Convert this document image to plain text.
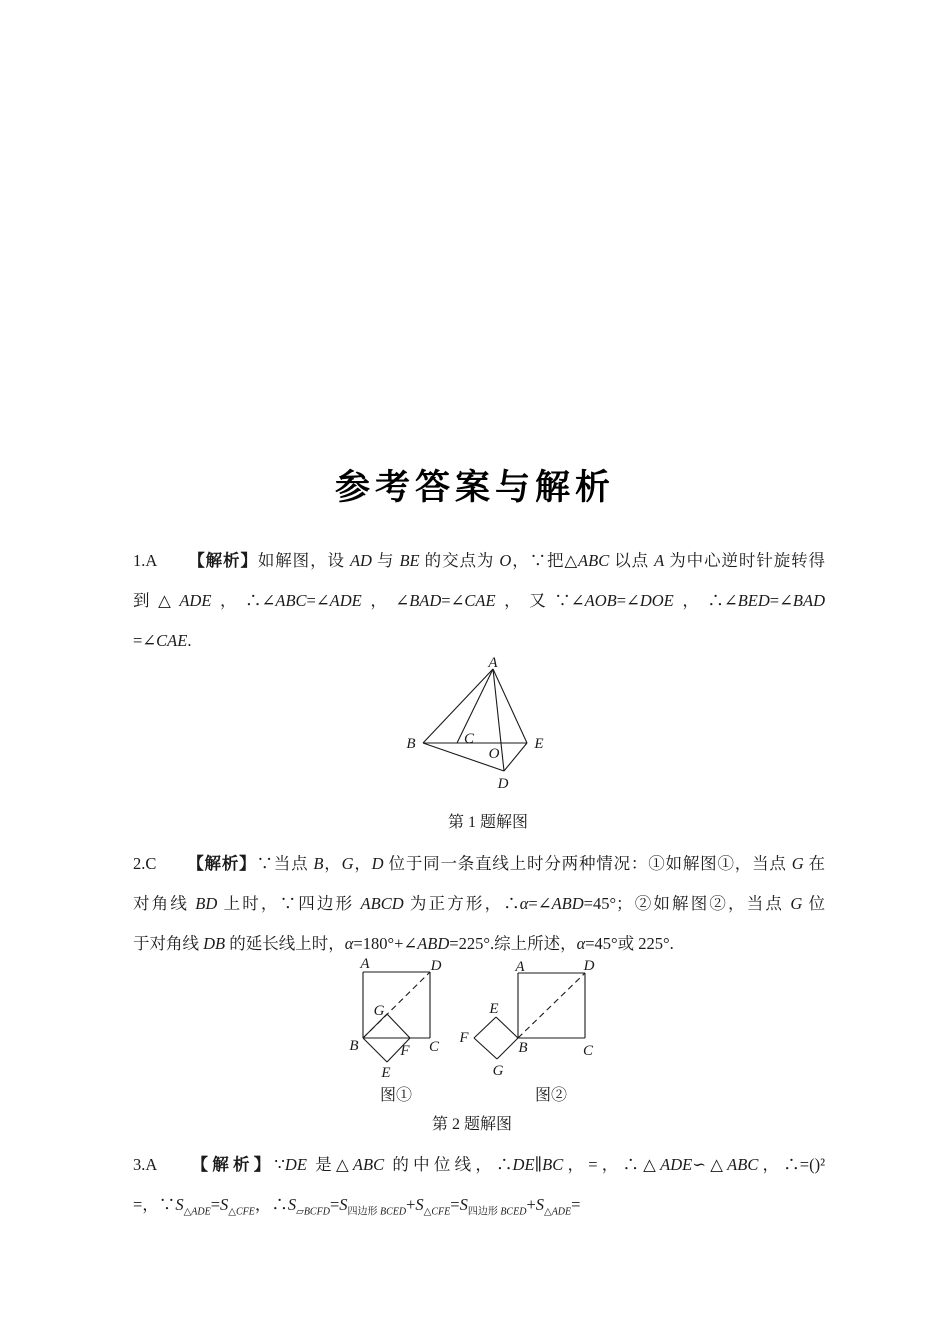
参考答案与解析
1.A 【解析】如解图，设 AD 与 BE 的交点为 O，∵把△ABC 以点 A 为中心逆时针旋转得
到△ADE，∴∠ABC=∠ADE，∠BAD=∠CAE，又∵∠AOB=∠DOE，∴∠BED=∠BAD
=∠CAE.
A
B	C
O
E
D
第 1 题解图
2.C 【解析】∵当点 B，G，D 位于同一条直线上时分两种情况：①如解图①，当点 G 在
对角线 BD 上时，∵四边形 ABCD 为正方形，∴α=∠ABD=45°；②如解图②，当点 G 位
于对角线 DB 的延长线上时，α=180°+∠ABD=225°.综上所述，α=45°或 225°.
A	D
B	C
G
F
E
A	D
B	C
E
F
G
图①	图②
第 2 题解图
3.A 【解析】∵DE 是△ABC 的中位线，∴DE∥BC，=，∴△ADE∽△ABC，∴=()²
=，$\because S_{\triangle ADE}=S_{\triangle CFE}$，$\therefore S_{▱BCFD}=S_{四边形 BCED}+S_{\triangle CFE}=S_{四边形 BCED}+S_{\triangle ADE}=$
